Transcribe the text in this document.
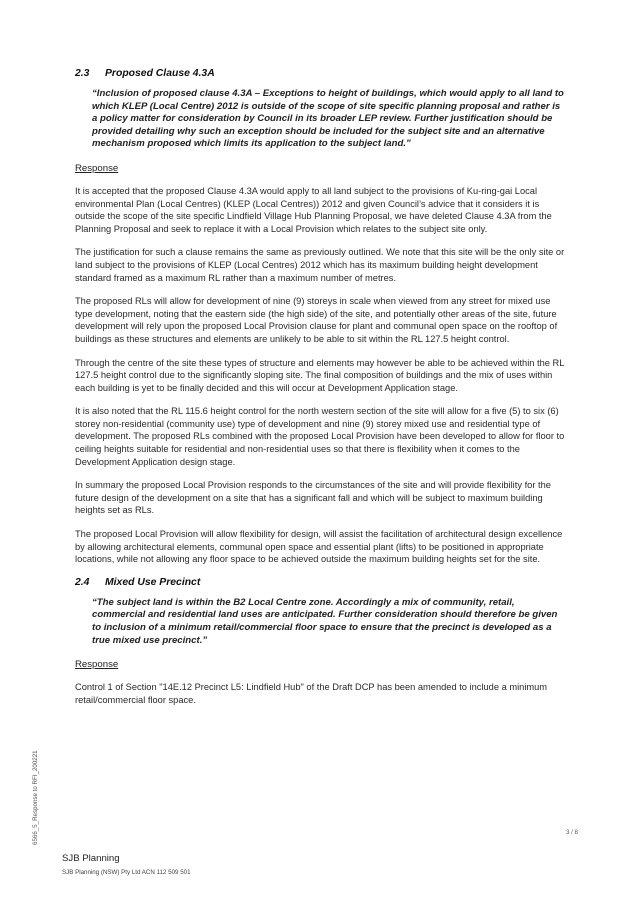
2.3	Proposed Clause 4.3A
“Inclusion of proposed clause 4.3A – Exceptions to height of buildings, which would apply to all land to which KLEP (Local Centre) 2012 is outside of the scope of site specific planning proposal and rather is a policy matter for consideration by Council in its broader LEP review. Further justification should be provided detailing why such an exception should be included for the subject site and an alternative mechanism proposed which limits its application to the subject land.”
Response

It is accepted that the proposed Clause 4.3A would apply to all land subject to the provisions of Ku-ring-gai Local environmental Plan (Local Centres) (KLEP (Local Centres)) 2012 and given Council’s advice that it considers it is outside the scope of the site specific Lindfield Village Hub Planning Proposal, we have deleted Clause 4.3A from the Planning Proposal and seek to replace it with a Local Provision which relates to the subject site only.

The justification for such a clause remains the same as previously outlined. We note that this site will be the only site or land subject to the provisions of KLEP (Local Centres) 2012 which has its maximum building height development standard framed as a maximum RL rather than a maximum number of metres.

The proposed RLs will allow for development of nine (9) storeys in scale when viewed from any street for mixed use type development, noting that the eastern side (the high side) of the site, and potentially other areas of the site, future development will rely upon the proposed Local Provision clause for plant and communal open space on the rooftop of buildings as these structures and elements are unlikely to be able to sit within the RL 127.5 height control.

Through the centre of the site these types of structure and elements may however be able to be achieved within the RL 127.5 height control due to the significantly sloping site. The final composition of buildings and the mix of uses within each building is yet to be finally decided and this will occur at Development Application stage.

It is also noted that the RL 115.6 height control for the north western section of the site will allow for a five (5) to six (6) storey non-residential (community use) type of development and nine (9) storey mixed use and residential type of development. The proposed RLs combined with the proposed Local Provision have been developed to allow for floor to ceiling heights suitable for residential and non-residential uses so that there is flexibility when it comes to the Development Application design stage.

In summary the proposed Local Provision responds to the circumstances of the site and will provide flexibility for the future design of the development on a site that has a significant fall and which will be subject to maximum building heights set as RLs.

The proposed Local Provision will allow flexibility for design, will assist the facilitation of architectural design excellence by allowing architectural elements, communal open space and essential plant (lifts) to be positioned in appropriate locations, while not allowing any floor space to be achieved outside the maximum building heights set for the site.

2.4	Mixed Use Precinct
“The subject land is within the B2 Local Centre zone. Accordingly a mix of community, retail, commercial and residential land uses are anticipated. Further consideration should therefore be given to inclusion of a minimum retail/commercial floor space to ensure that the precinct is developed as a true mixed use precinct.”
Response

Control 1 of Section "14E.12 Precinct L5: Lindfield Hub" of the Draft DCP has been amended to include a minimum retail/commercial floor space.

6566_5_Response to RFI_200221	3 / 8
SJB Planning
SJB Planning (NSW) Pty Ltd ACN 112 509 501
